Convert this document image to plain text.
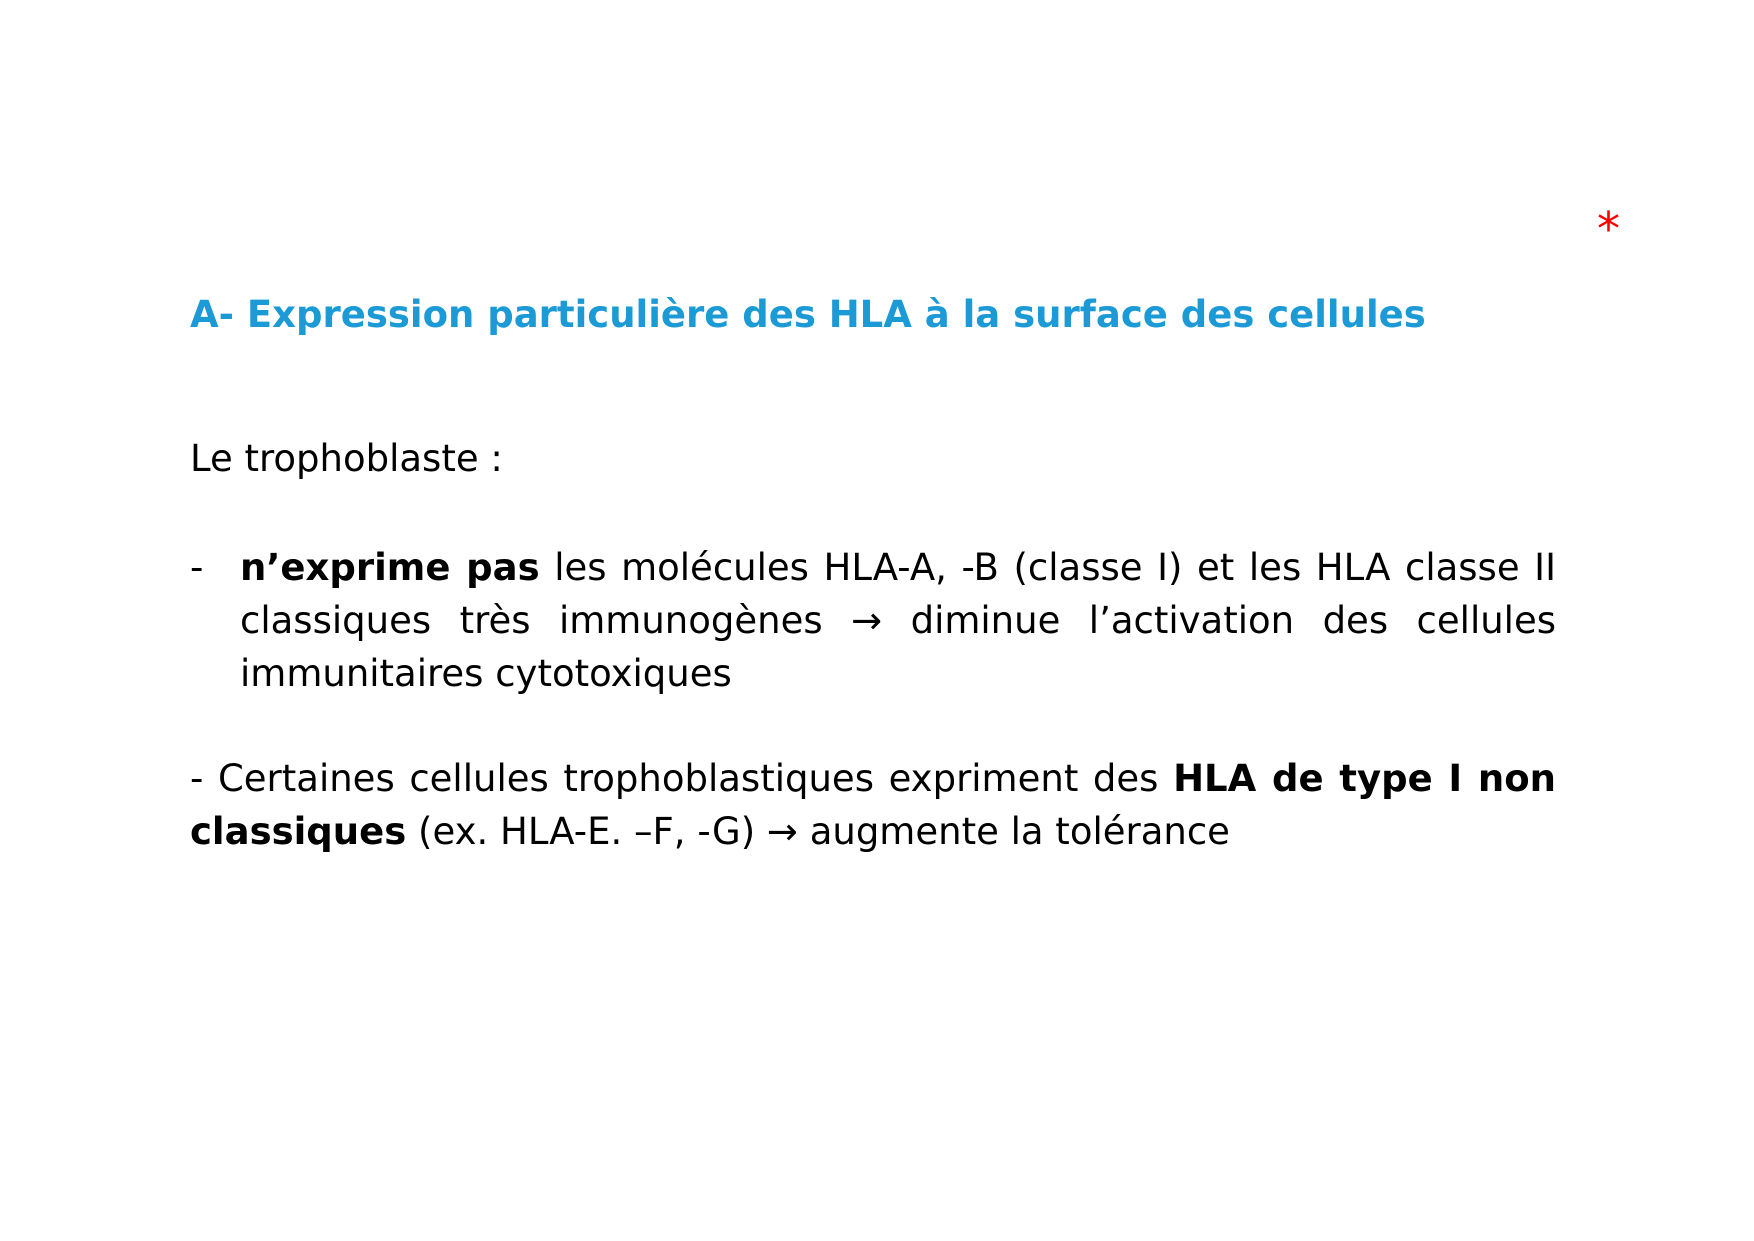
*
A- Expression particulière des HLA à la surface des cellules

Le trophoblaste :

- n’exprime pas les molécules HLA-A, -B (classe I) et les HLA classe II classiques très immunogènes → diminue l’activation des cellules immunitaires cytotoxiques

- Certaines cellules trophoblastiques expriment des HLA de type I non classiques (ex. HLA-E. –F, -G) → augmente la tolérance
